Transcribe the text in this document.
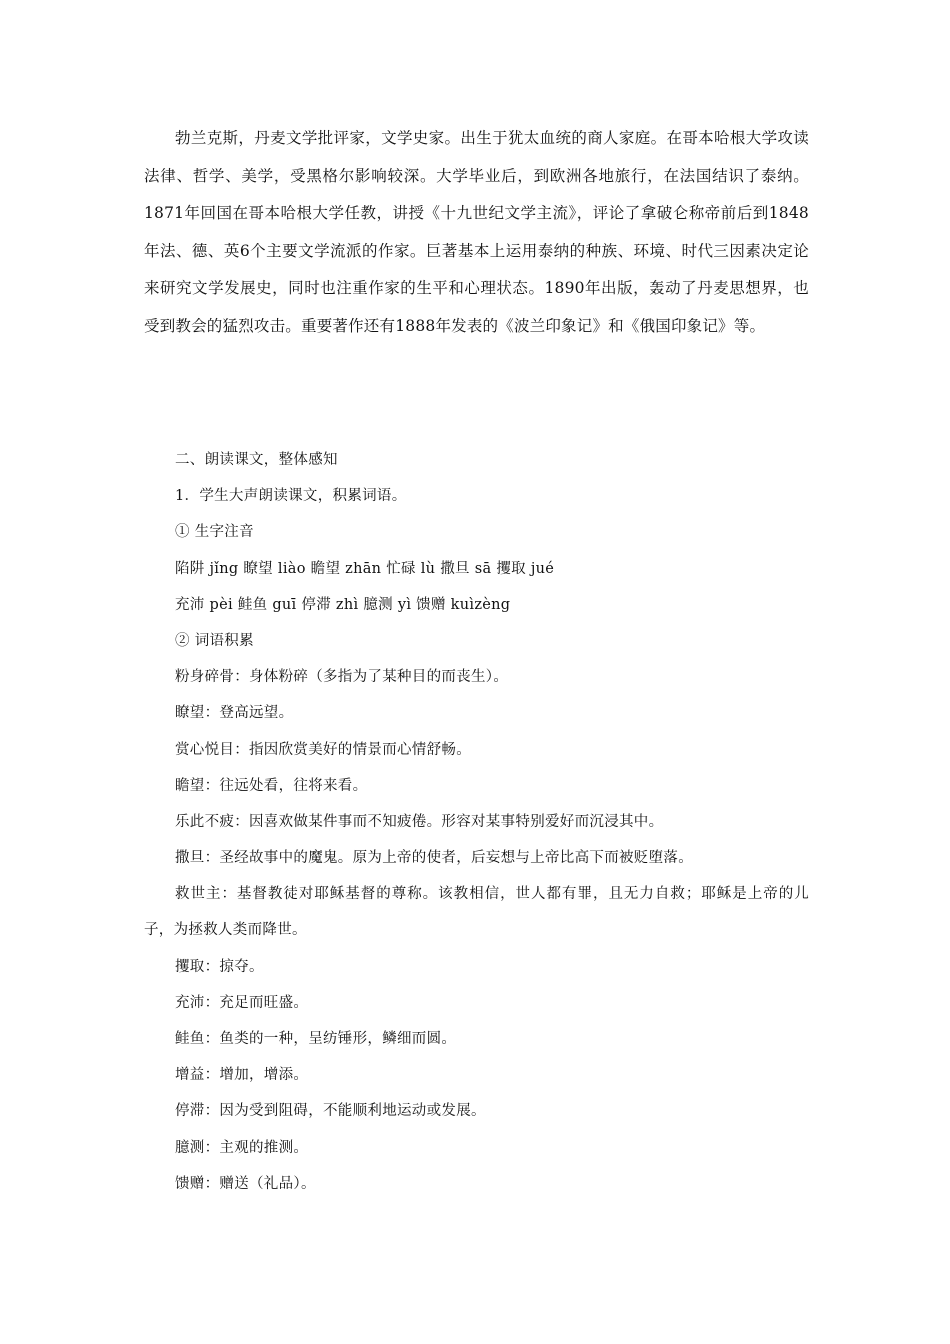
勃兰克斯，丹麦文学批评家，文学史家。出生于犹太血统的商人家庭。在哥本哈根大学攻读法律、哲学、美学，受黑格尔影响较深。大学毕业后，到欧洲各地旅行，在法国结识了泰纳。1871年回国在哥本哈根大学任教，讲授《十九世纪文学主流》，评论了拿破仑称帝前后到1848年法、德、英6个主要文学流派的作家。巨著基本上运用泰纳的种族、环境、时代三因素决定论来研究文学发展史，同时也注重作家的生平和心理状态。1890年出版，轰动了丹麦思想界，也受到教会的猛烈攻击。重要著作还有1888年发表的《波兰印象记》和《俄国印象记》等。

二、朗读课文，整体感知
1．学生大声朗读课文，积累词语。
① 生字注音
陷阱 jǐng 瞭望 liào 瞻望 zhān 忙碌 lù 撒旦 sā 攫取 jué
充沛 pèi 鲑鱼 guī 停滞 zhì 臆测 yì 馈赠 kuìzèng
② 词语积累
粉身碎骨：身体粉碎（多指为了某种目的而丧生）。
瞭望：登高远望。
赏心悦目：指因欣赏美好的情景而心情舒畅。
瞻望：往远处看，往将来看。
乐此不疲：因喜欢做某件事而不知疲倦。形容对某事特别爱好而沉浸其中。
撒旦：圣经故事中的魔鬼。原为上帝的使者，后妄想与上帝比高下而被贬堕落。
救世主：基督教徒对耶稣基督的尊称。该教相信，世人都有罪，且无力自救；耶稣是上帝的儿子，为拯救人类而降世。
攫取：掠夺。
充沛：充足而旺盛。
鲑鱼：鱼类的一种，呈纺锤形，鳞细而圆。
增益：增加，增添。
停滞：因为受到阻碍，不能顺利地运动或发展。
臆测：主观的推测。
馈赠：赠送（礼品）。
